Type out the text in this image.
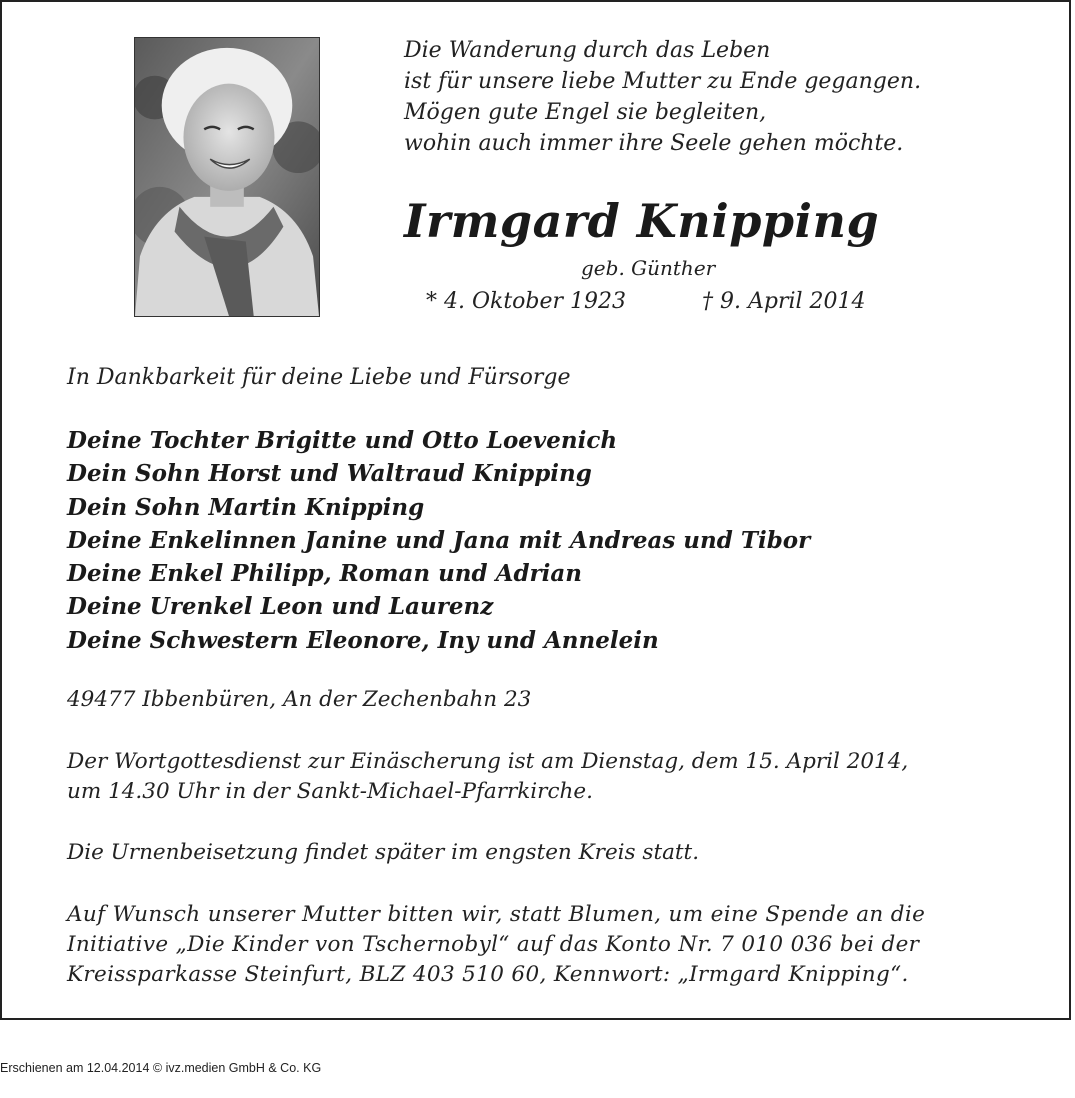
Die Wanderung durch das Leben
ist für unsere liebe Mutter zu Ende gegangen.
Mögen gute Engel sie begleiten,
wohin auch immer ihre Seele gehen möchte.
Irmgard Knipping
geb. Günther
* 4. Oktober 1923	† 9. April 2014
In Dankbarkeit für deine Liebe und Fürsorge
Deine Tochter Brigitte und Otto Loevenich
Dein Sohn Horst und Waltraud Knipping
Dein Sohn Martin Knipping
Deine Enkelinnen Janine und Jana mit Andreas und Tibor
Deine Enkel Philipp, Roman und Adrian
Deine Urenkel Leon und Laurenz
Deine Schwestern Eleonore, Iny und Annelein
49477 Ibbenbüren, An der Zechenbahn 23
Der Wortgottesdienst zur Einäscherung ist am Dienstag, dem 15. April 2014,
um 14.30 Uhr in der Sankt-Michael-Pfarrkirche.
Die Urnenbeisetzung findet später im engsten Kreis statt.
Auf Wunsch unserer Mutter bitten wir, statt Blumen, um eine Spende an die
Initiative „Die Kinder von Tschernobyl“ auf das Konto Nr. 7 010 036 bei der
Kreissparkasse Steinfurt, BLZ 403 510 60, Kennwort: „Irmgard Knipping“.
Erschienen am 12.04.2014 © ivz.medien GmbH & Co. KG
